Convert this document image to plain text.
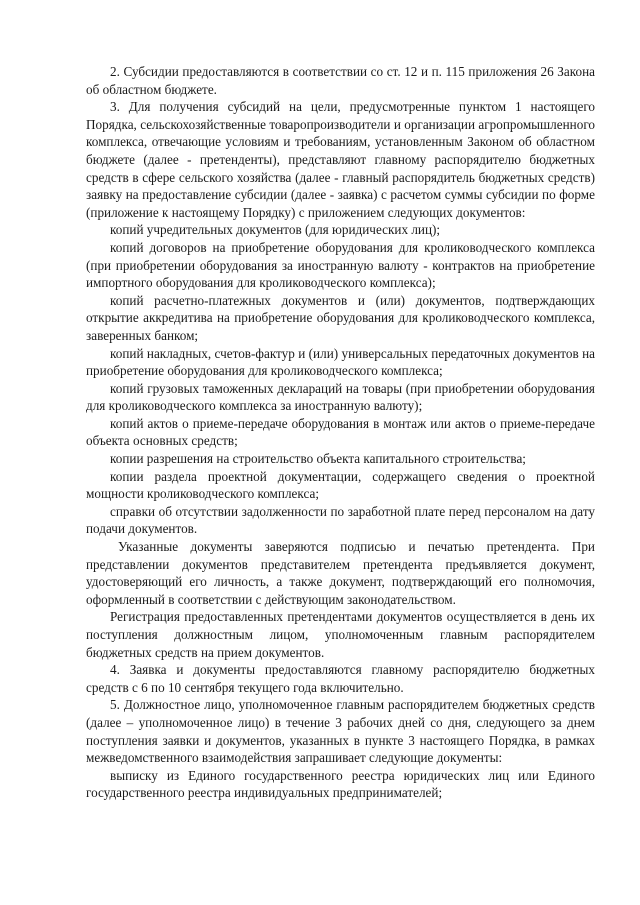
2. Субсидии предоставляются в соответствии со ст. 12 и п. 115 приложения 26 Закона об областном бюджете.

3. Для получения субсидий на цели, предусмотренные пунктом 1 настоящего Порядка, сельскохозяйственные товаропроизводители и организации агропромышленного комплекса, отвечающие условиям и требованиям, установленным Законом об областном бюджете (далее - претенденты), представляют главному распорядителю бюджетных средств в сфере сельского хозяйства (далее - главный распорядитель бюджетных средств) заявку на предоставление субсидии (далее - заявка) с расчетом суммы субсидии по форме (приложение к настоящему Порядку) с приложением следующих документов:

копий учредительных документов (для юридических лиц);

копий договоров на приобретение оборудования для кролиководческого комплекса (при приобретении оборудования за иностранную валюту - контрактов на приобретение импортного оборудования для кролиководческого комплекса);

копий расчетно-платежных документов и (или) документов, подтверждающих открытие аккредитива на приобретение оборудования для кролиководческого комплекса, заверенных банком;

копий накладных, счетов-фактур и (или) универсальных передаточных документов на приобретение оборудования для кролиководческого комплекса;

копий грузовых таможенных деклараций на товары (при приобретении оборудования для кролиководческого комплекса за иностранную валюту);

копий актов о приеме-передаче оборудования в монтаж или актов о приеме-передаче объекта основных средств;

копии разрешения на строительство объекта капитального строительства;

копии раздела проектной документации, содержащего сведения о проектной мощности кролиководческого комплекса;

справки об отсутствии задолженности по заработной плате перед персоналом на дату подачи документов.

Указанные документы заверяются подписью и печатью претендента. При представлении документов представителем претендента предъявляется документ, удостоверяющий его личность, а также документ, подтверждающий его полномочия, оформленный в соответствии с действующим законодательством.

Регистрация предоставленных претендентами документов осуществляется в день их поступления должностным лицом, уполномоченным главным распорядителем бюджетных средств на прием документов.

4. Заявка и документы предоставляются главному распорядителю бюджетных средств с 6 по 10 сентября текущего года включительно.

5. Должностное лицо, уполномоченное главным распорядителем бюджетных средств (далее – уполномоченное лицо) в течение 3 рабочих дней со дня, следующего за днем поступления заявки и документов, указанных в пункте 3 настоящего Порядка, в рамках межведомственного взаимодействия запрашивает следующие документы:

выписку из Единого государственного реестра юридических лиц или Единого государственного реестра индивидуальных предпринимателей;
